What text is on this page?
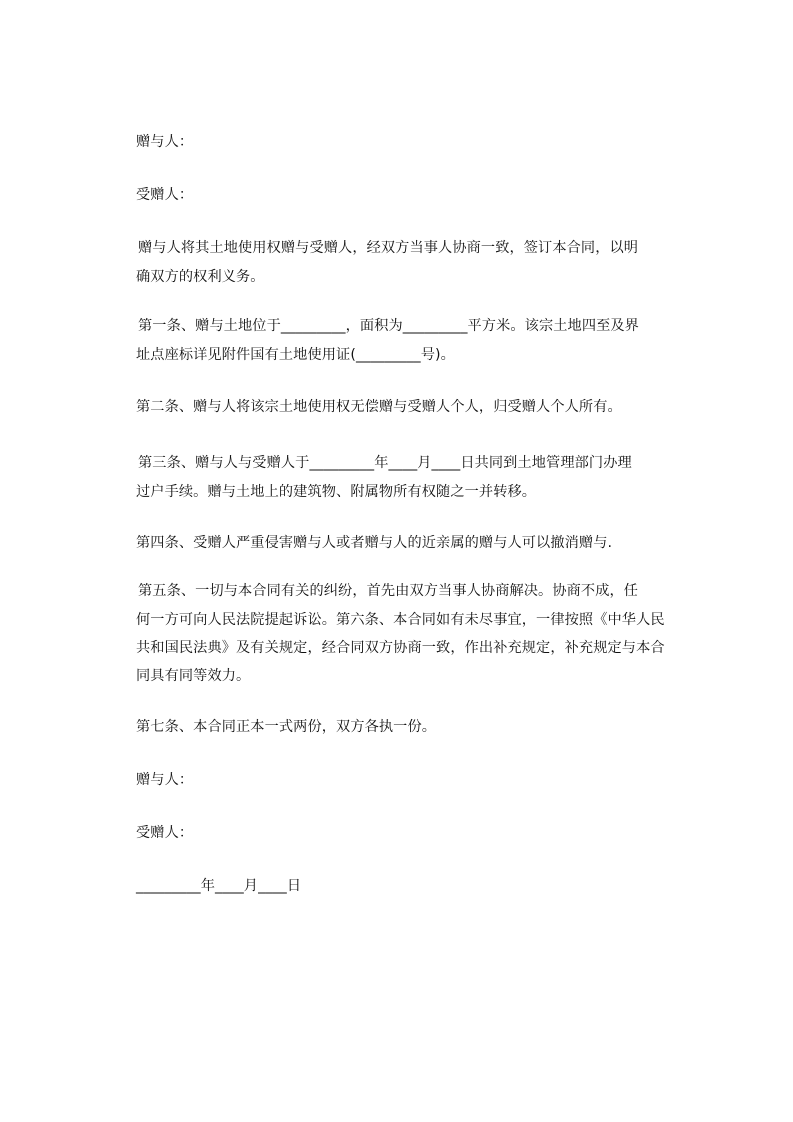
赠与人：
受赠人：
赠与人将其土地使用权赠与受赠人，经双方当事人协商一致，签订本合同，以明
确双方的权利义务。
第一条、赠与土地位于_________，面积为_________平方米。该宗土地四至及界
址点座标详见附件国有土地使用证(_________号)。
第二条、赠与人将该宗土地使用权无偿赠与受赠人个人，归受赠人个人所有。
第三条、赠与人与受赠人于_________年____月____日共同到土地管理部门办理
过户手续。赠与土地上的建筑物、附属物所有权随之一并转移。
第四条、受赠人严重侵害赠与人或者赠与人的近亲属的赠与人可以撤消赠与.
第五条、一切与本合同有关的纠纷，首先由双方当事人协商解决。协商不成，任
何一方可向人民法院提起诉讼。第六条、本合同如有未尽事宜，一律按照《中华人民
共和国民法典》及有关规定，经合同双方协商一致，作出补充规定，补充规定与本合
同具有同等效力。
第七条、本合同正本一式两份，双方各执一份。
赠与人：
受赠人：
_________年____月____日
